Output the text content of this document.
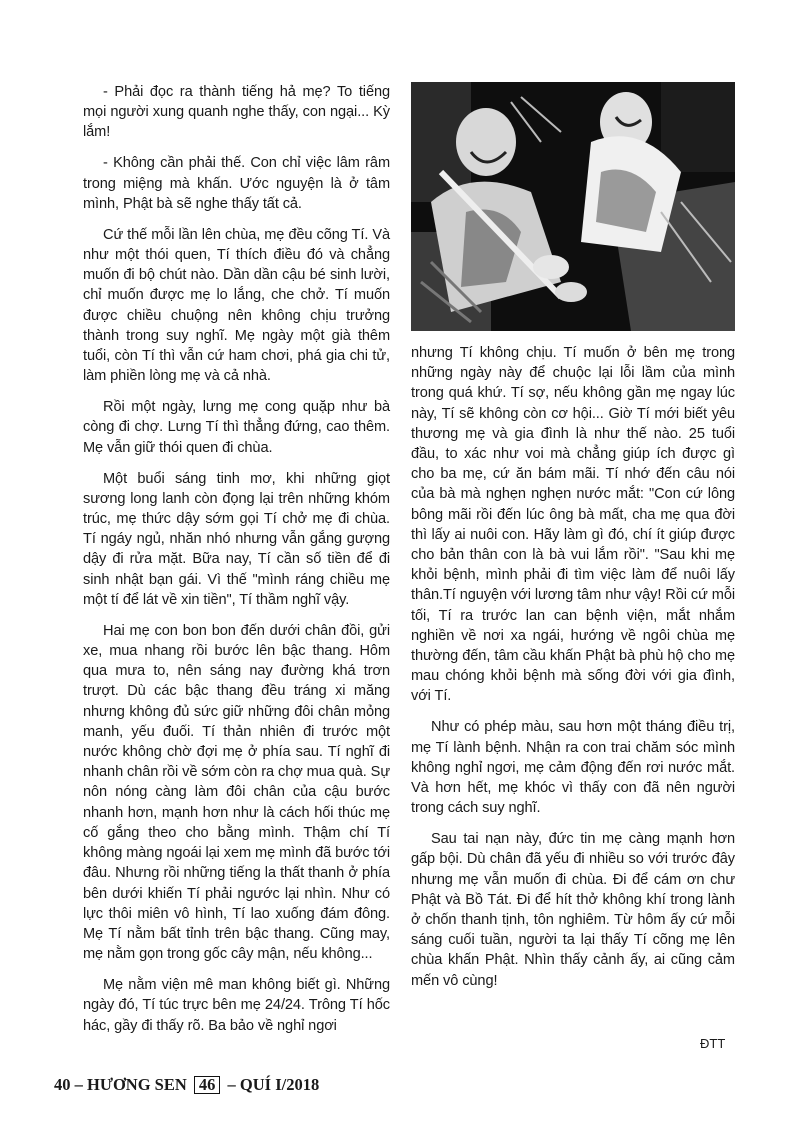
- Phải đọc ra thành tiếng hả mẹ? To tiếng mọi người xung quanh nghe thấy, con ngại... Kỳ lắm!

- Không cần phải thế. Con chỉ việc lâm râm trong miệng mà khấn. Ước nguyện là ở tâm mình, Phật bà sẽ nghe thấy tất cả.

Cứ thế mỗi lần lên chùa, mẹ đều cõng Tí. Và như một thói quen, Tí thích điều đó và chẳng muốn đi bộ chút nào. Dần dần cậu bé sinh lười, chỉ muốn được mẹ lo lắng, che chở. Tí muốn được chiều chuộng nên không chịu trưởng thành trong suy nghĩ. Mẹ ngày một già thêm tuổi, còn Tí thì vẫn cứ ham chơi, phá gia chi tử, làm phiền lòng mẹ và cả nhà.

Rồi một ngày, lưng mẹ cong quặp như bà còng đi chợ. Lưng Tí thì thẳng đứng, cao thêm. Mẹ vẫn giữ thói quen đi chùa.

Một buổi sáng tinh mơ, khi những giọt sương long lanh còn đọng lại trên những khóm trúc, mẹ thức dậy sớm gọi Tí chở mẹ đi chùa. Tí ngáy ngủ, nhăn nhó nhưng vẫn gắng gượng dậy đi rửa mặt. Bữa nay, Tí cần số tiền để đi sinh nhật bạn gái. Vì thế "mình ráng chiều mẹ một tí để lát về xin tiền", Tí thầm nghĩ vậy.

Hai mẹ con bon bon đến dưới chân đồi, gửi xe, mua nhang rồi bước lên bậc thang. Hôm qua mưa to, nên sáng nay đường khá trơn trượt. Dù các bậc thang đều tráng xi măng nhưng không đủ sức giữ những đôi chân mỏng manh, yếu đuối. Tí thản nhiên đi trước một nước không chờ đợi mẹ ở phía sau. Tí nghĩ đi nhanh chân rồi về sớm còn ra chợ mua quà. Sự nôn nóng càng làm đôi chân của cậu bước nhanh hơn, mạnh hơn như là cách hối thúc mẹ cố gắng theo cho bằng mình. Thậm chí Tí không màng ngoái lại xem mẹ mình đã bước tới đâu. Nhưng rồi những tiếng la thất thanh ở phía bên dưới khiến Tí phải ngước lại nhìn. Như có lực thôi miên vô hình, Tí lao xuống đám đông. Mẹ Tí nằm bất tỉnh trên bậc thang. Cũng may, mẹ nằm gọn trong gốc cây mận, nếu không...

Mẹ nằm viện mê man không biết gì. Những ngày đó, Tí túc trực bên mẹ 24/24. Trông Tí hốc hác, gầy đi thấy rõ. Ba bảo về nghỉ ngơi

nhưng Tí không chịu. Tí muốn ở bên mẹ trong những ngày này để chuộc lại lỗi lầm của mình trong quá khứ. Tí sợ, nếu không gần mẹ ngay lúc này, Tí sẽ không còn cơ hội... Giờ Tí mới biết yêu thương mẹ và gia đình là như thế nào. 25 tuổi đầu, to xác như voi mà chẳng giúp ích được gì cho ba mẹ, cứ ăn bám mãi. Tí nhớ đến câu nói của bà mà nghẹn nghẹn nước mắt: "Con cứ lông bông mãi rồi đến lúc ông bà mất, cha mẹ qua đời thì lấy ai nuôi con. Hãy làm gì đó, chí ít giúp được cho bản thân con là bà vui lắm rồi". "Sau khi mẹ khỏi bệnh, mình phải đi tìm việc làm để nuôi lấy thân.Tí nguyện với lương tâm như vậy! Rồi cứ mỗi tối, Tí ra trước lan can bệnh viện, mắt nhắm nghiền về nơi xa ngái, hướng về ngôi chùa mẹ thường đến, tâm cầu khấn Phật bà phù hộ cho mẹ mau chóng khỏi bệnh mà sống đời với gia đình, với Tí.

Như có phép màu, sau hơn một tháng điều trị, mẹ Tí lành bệnh. Nhận ra con trai chăm sóc mình không nghỉ ngơi, mẹ cảm động đến rơi nước mắt. Và hơn hết, mẹ khóc vì thấy con đã nên người trong cách suy nghĩ.

Sau tai nạn này, đức tin mẹ càng mạnh hơn gấp bội. Dù chân đã yếu đi nhiều so với trước đây nhưng mẹ vẫn muốn đi chùa. Đi để cám ơn chư Phật và Bồ Tát. Đi để hít thở không khí trong lành ở chốn thanh tịnh, tôn nghiêm. Từ hôm ấy cứ mỗi sáng cuối tuần, người ta lại thấy Tí cõng mẹ lên chùa khấn Phật. Nhìn thấy cảnh ấy, ai cũng cảm mến vô cùng!

ĐTT
40 – HƯƠNG SEN 46 – QUÍ I/2018
